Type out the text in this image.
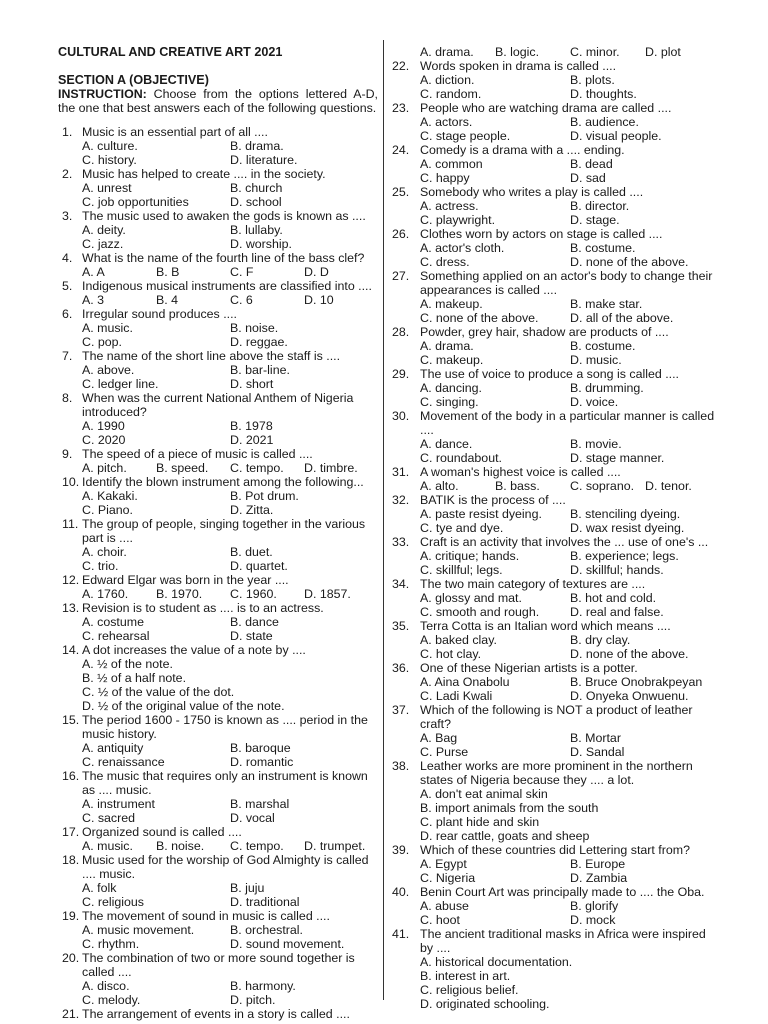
CULTURAL AND CREATIVE ART 2021
SECTION A (OBJECTIVE)
INSTRUCTION: Choose from the options lettered A-D, the one that best answers each of the following questions.
1. Music is an essential part of all ....
A. culture.	B. drama.
C. history.	D. literature.
2. Music has helped to create .... in the society.
A. unrest	B. church
C. job opportunities	D. school
3. The music used to awaken the gods is known as ....
A. deity.	B. lullaby.
C. jazz.	D. worship.
4. What is the name of the fourth line of the bass clef?
A. A	B. B	C. F	D. D
5. Indigenous musical instruments are classified into ....
A. 3	B. 4	C. 6	D. 10
6. Irregular sound produces ....
A. music.	B. noise.
C. pop.	D. reggae.
7. The name of the short line above the staff is ....
A. above.	B. bar-line.
C. ledger line.	D. short
8. When was the current National Anthem of Nigeria introduced?
A. 1990	B. 1978
C. 2020	D. 2021
9. The speed of a piece of music is called ....
A. pitch.	B. speed.	C. tempo.	D. timbre.
10. Identify the blown instrument among the following...
A. Kakaki.	B. Pot drum.
C. Piano.	D. Zitta.
11. The group of people, singing together in the various part is ....
A. choir.	B. duet.
C. trio.	D. quartet.
12. Edward Elgar was born in the year ....
A. 1760.	B. 1970.	C. 1960.	D. 1857.
13. Revision is to student as .... is to an actress.
A. costume	B. dance
C. rehearsal	D. state
14. A dot increases the value of a note by ....
A. ½ of the note.
B. ½ of a half note.
C. ½ of the value of the dot.
D. ½ of the original value of the note.
15. The period 1600 - 1750 is known as .... period in the music history.
A. antiquity	B. baroque
C. renaissance	D. romantic
16. The music that requires only an instrument is known as .... music.
A. instrument	B. marshal
C. sacred	D. vocal
17. Organized sound is called ....
A. music.	B. noise.	C. tempo.	D. trumpet.
18. Music used for the worship of God Almighty is called .... music.
A. folk	B. juju
C. religious	D. traditional
19. The movement of sound in music is called ....
A. music movement.	B. orchestral.
C. rhythm.	D. sound movement.
20. The combination of two or more sound together is called ....
A. disco.	B. harmony.
C. melody.	D. pitch.
21. The arrangement of events in a story is called ....
A. drama.	B. logic.	C. minor.	D. plot
22. Words spoken in drama is called ....
A. diction.	B. plots.
C. random.	D. thoughts.
23. People who are watching drama are called ....
A. actors.	B. audience.
C. stage people.	D. visual people.
24. Comedy is a drama with a .... ending.
A. common	B. dead
C. happy	D. sad
25. Somebody who writes a play is called ....
A. actress.	B. director.
C. playwright.	D. stage.
26. Clothes worn by actors on stage is called ....
A. actor's cloth.	B. costume.
C. dress.	D. none of the above.
27. Something applied on an actor's body to change their appearances is called ....
A. makeup.	B. make star.
C. none of the above.	D. all of the above.
28. Powder, grey hair, shadow are products of ....
A. drama.	B. costume.
C. makeup.	D. music.
29. The use of voice to produce a song is called ....
A. dancing.	B. drumming.
C. singing.	D. voice.
30. Movement of the body in a particular manner is called ....
A. dance.	B. movie.
C. roundabout.	D. stage manner.
31. A woman's highest voice is called ....
A. alto.	B. bass.	C. soprano. D. tenor.
32. BATIK is the process of ....
A. paste resist dyeing.	B. stenciling dyeing.
C. tye and dye.	D. wax resist dyeing.
33. Craft is an activity that involves the ... use of one's ...
A. critique; hands.	B. experience; legs.
C. skillful; legs.	D. skillful; hands.
34. The two main category of textures are ....
A. glossy and mat.	B. hot and cold.
C. smooth and rough.	D. real and false.
35. Terra Cotta is an Italian word which means ....
A. baked clay.	B. dry clay.
C. hot clay.	D. none of the above.
36. One of these Nigerian artists is a potter.
A. Aina Onabolu	B. Bruce Onobrakpeyan
C. Ladi Kwali	D. Onyeka Onwuenu.
37. Which of the following is NOT a product of leather craft?
A. Bag	B. Mortar
C. Purse	D. Sandal
38. Leather works are more prominent in the northern states of Nigeria because they .... a lot.
A. don't eat animal skin
B. import animals from the south
C. plant hide and skin
D. rear cattle, goats and sheep
39. Which of these countries did Lettering start from?
A. Egypt	B. Europe
C. Nigeria	D. Zambia
40. Benin Court Art was principally made to .... the Oba.
A. abuse	B. glorify
C. hoot	D. mock
41. The ancient traditional masks in Africa were inspired by ....
A. historical documentation.
B. interest in art.
C. religious belief.
D. originated schooling.
